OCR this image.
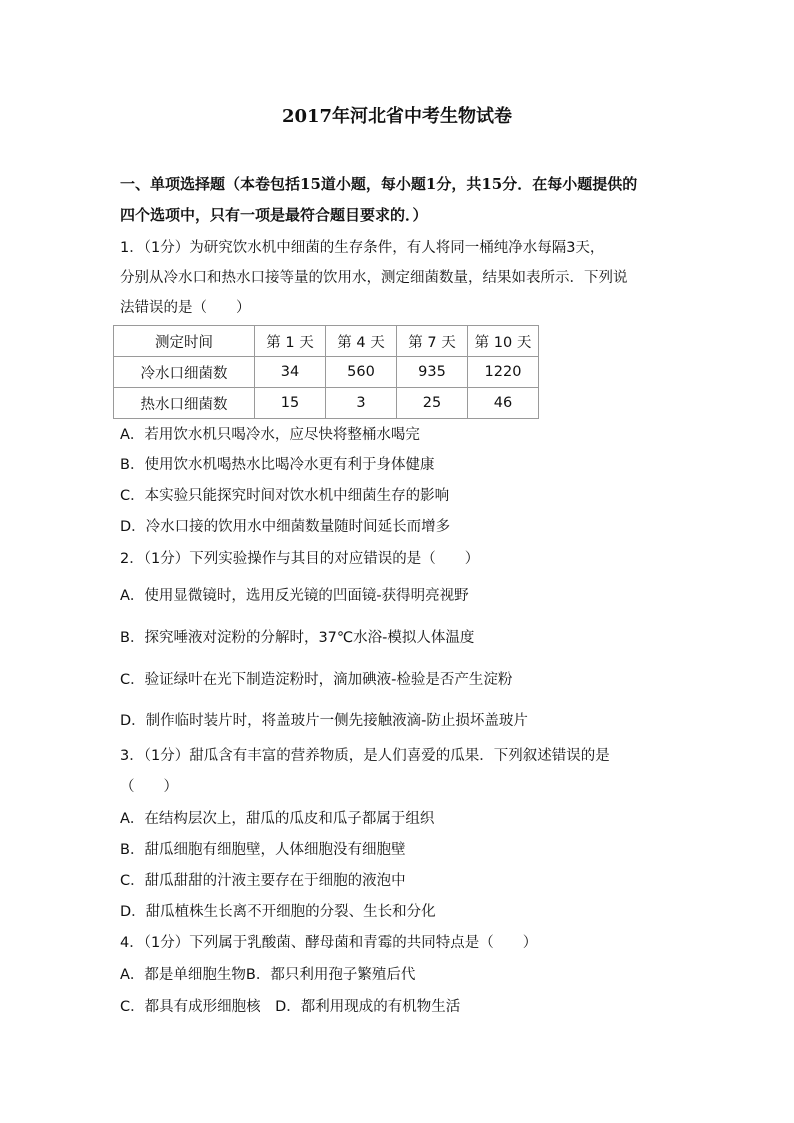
2017年河北省中考生物试卷
一、单项选择题（本卷包括15道小题，每小题1分，共15分．在每小题提供的
四个选项中，只有一项是最符合题目要求的．）
1．（1分）为研究饮水机中细菌的生存条件，有人将同一桶纯净水每隔3天，
分别从冷水口和热水口接等量的饮用水，测定细菌数量，结果如表所示．下列说
法错误的是（　　）
测定时间	第 1 天	第 4 天	第 7 天	第 10 天
冷水口细菌数	34	560	935	1220
热水口细菌数	15	3	25	46
A．若用饮水机只喝冷水，应尽快将整桶水喝完
B．使用饮水机喝热水比喝冷水更有利于身体健康
C．本实验只能探究时间对饮水机中细菌生存的影响
D．冷水口接的饮用水中细菌数量随时间延长而增多
2．（1分）下列实验操作与其目的对应错误的是（　　）
A．使用显微镜时，选用反光镜的凹面镜-获得明亮视野
B．探究唾液对淀粉的分解时，37℃水浴-模拟人体温度
C．验证绿叶在光下制造淀粉时，滴加碘液-检验是否产生淀粉
D．制作临时装片时，将盖玻片一侧先接触液滴-防止损坏盖玻片
3．（1分）甜瓜含有丰富的营养物质，是人们喜爱的瓜果．下列叙述错误的是
（　　）
A．在结构层次上，甜瓜的瓜皮和瓜子都属于组织
B．甜瓜细胞有细胞壁，人体细胞没有细胞壁
C．甜瓜甜甜的汁液主要存在于细胞的液泡中
D．甜瓜植株生长离不开细胞的分裂、生长和分化
4．（1分）下列属于乳酸菌、酵母菌和青霉的共同特点是（　　）
A．都是单细胞生物B．都只利用孢子繁殖后代
C．都具有成形细胞核　D．都利用现成的有机物生活
